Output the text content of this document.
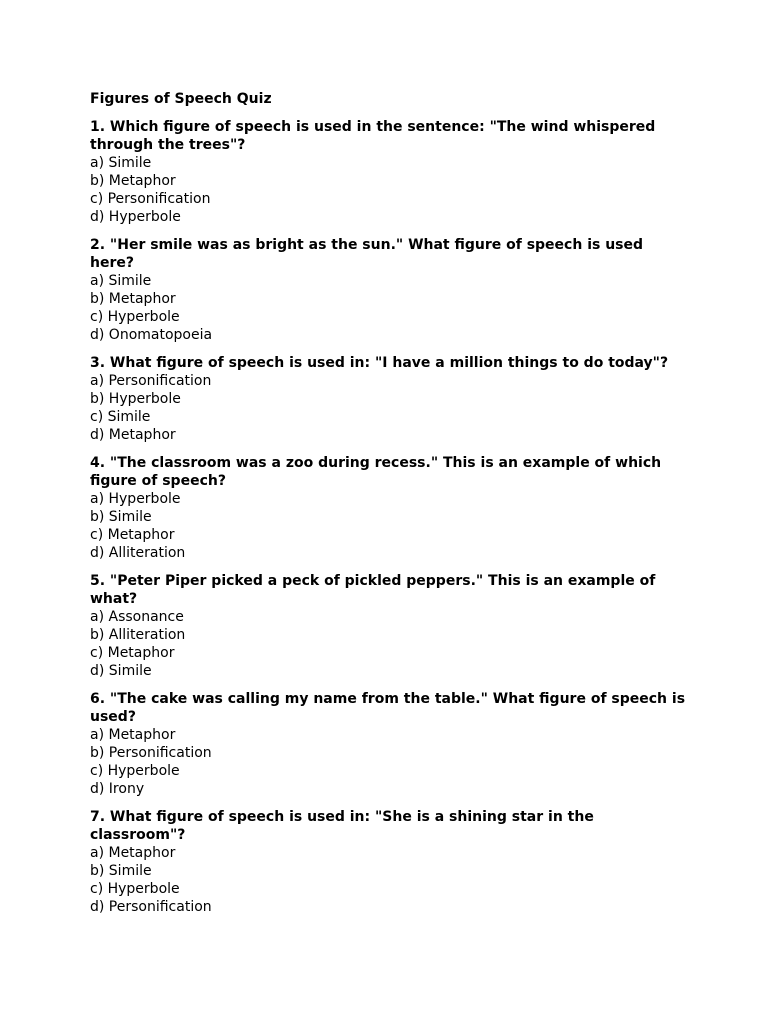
Figures of Speech Quiz

1. Which figure of speech is used in the sentence: "The wind whispered through the trees"?

a) Simile

b) Metaphor

c) Personification

d) Hyperbole

2. "Her smile was as bright as the sun." What figure of speech is used here?

a) Simile

b) Metaphor

c) Hyperbole

d) Onomatopoeia

3. What figure of speech is used in: "I have a million things to do today"?

a) Personification

b) Hyperbole

c) Simile

d) Metaphor

4. "The classroom was a zoo during recess." This is an example of which figure of speech?

a) Hyperbole

b) Simile

c) Metaphor

d) Alliteration

5. "Peter Piper picked a peck of pickled peppers." This is an example of what?

a) Assonance

b) Alliteration

c) Metaphor

d) Simile

6. "The cake was calling my name from the table." What figure of speech is used?

a) Metaphor

b) Personification

c) Hyperbole

d) Irony

7. What figure of speech is used in: "She is a shining star in the classroom"?

a) Metaphor

b) Simile

c) Hyperbole

d) Personification
